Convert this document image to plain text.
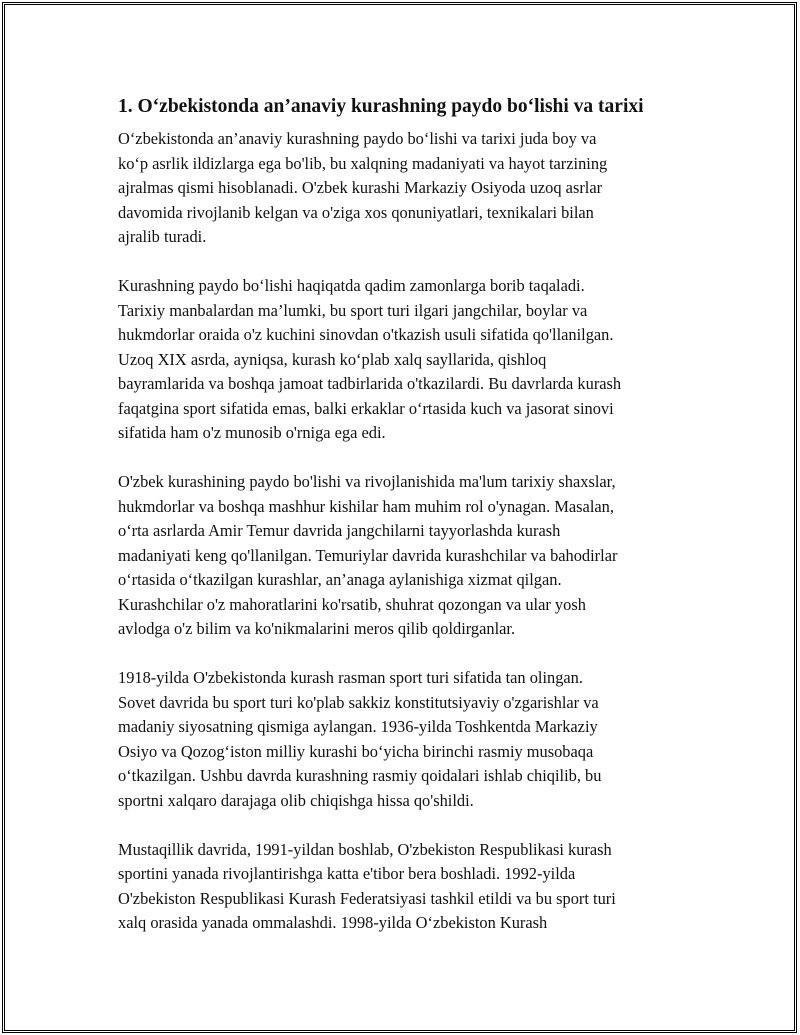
1. O‘zbekistonda an’anaviy kurashning paydo bo‘lishi va tarixi

O‘zbekistonda an’anaviy kurashning paydo bo‘lishi va tarixi juda boy va
ko‘p asrlik ildizlarga ega bo'lib, bu xalqning madaniyati va hayot tarzining
ajralmas qismi hisoblanadi. O'zbek kurashi Markaziy Osiyoda uzoq asrlar
davomida rivojlanib kelgan va o'ziga xos qonuniyatlari, texnikalari bilan
ajralib turadi.

Kurashning paydo bo‘lishi haqiqatda qadim zamonlarga borib taqaladi.
Tarixiy manbalardan ma’lumki, bu sport turi ilgari jangchilar, boylar va
hukmdorlar oraida o'z kuchini sinovdan o'tkazish usuli sifatida qo'llanilgan.
Uzoq XIX asrda, ayniqsa, kurash ko‘plab xalq sayllarida, qishloq
bayramlarida va boshqa jamoat tadbirlarida o'tkazilardi. Bu davrlarda kurash
faqatgina sport sifatida emas, balki erkaklar o‘rtasida kuch va jasorat sinovi
sifatida ham o'z munosib o'rniga ega edi.

O'zbek kurashining paydo bo'lishi va rivojlanishida ma'lum tarixiy shaxslar,
hukmdorlar va boshqa mashhur kishilar ham muhim rol o'ynagan. Masalan,
o‘rta asrlarda Amir Temur davrida jangchilarni tayyorlashda kurash
madaniyati keng qo'llanilgan. Temuriylar davrida kurashchilar va bahodirlar
o‘rtasida o‘tkazilgan kurashlar, an’anaga aylanishiga xizmat qilgan.
Kurashchilar o'z mahoratlarini ko'rsatib, shuhrat qozongan va ular yosh
avlodga o'z bilim va ko'nikmalarini meros qilib qoldirganlar.

1918-yilda O'zbekistonda kurash rasman sport turi sifatida tan olingan.
Sovet davrida bu sport turi ko'plab sakkiz konstitutsiyaviy o'zgarishlar va
madaniy siyosatning qismiga aylangan. 1936-yilda Toshkentda Markaziy
Osiyo va Qozog‘iston milliy kurashi bo‘yicha birinchi rasmiy musobaqa
o‘tkazilgan. Ushbu davrda kurashning rasmiy qoidalari ishlab chiqilib, bu
sportni xalqaro darajaga olib chiqishga hissa qo'shildi.

Mustaqillik davrida, 1991-yildan boshlab, O'zbekiston Respublikasi kurash
sportini yanada rivojlantirishga katta e'tibor bera boshladi. 1992-yilda
O'zbekiston Respublikasi Kurash Federatsiyasi tashkil etildi va bu sport turi
xalq orasida yanada ommalashdi. 1998-yilda O‘zbekiston Kurash
